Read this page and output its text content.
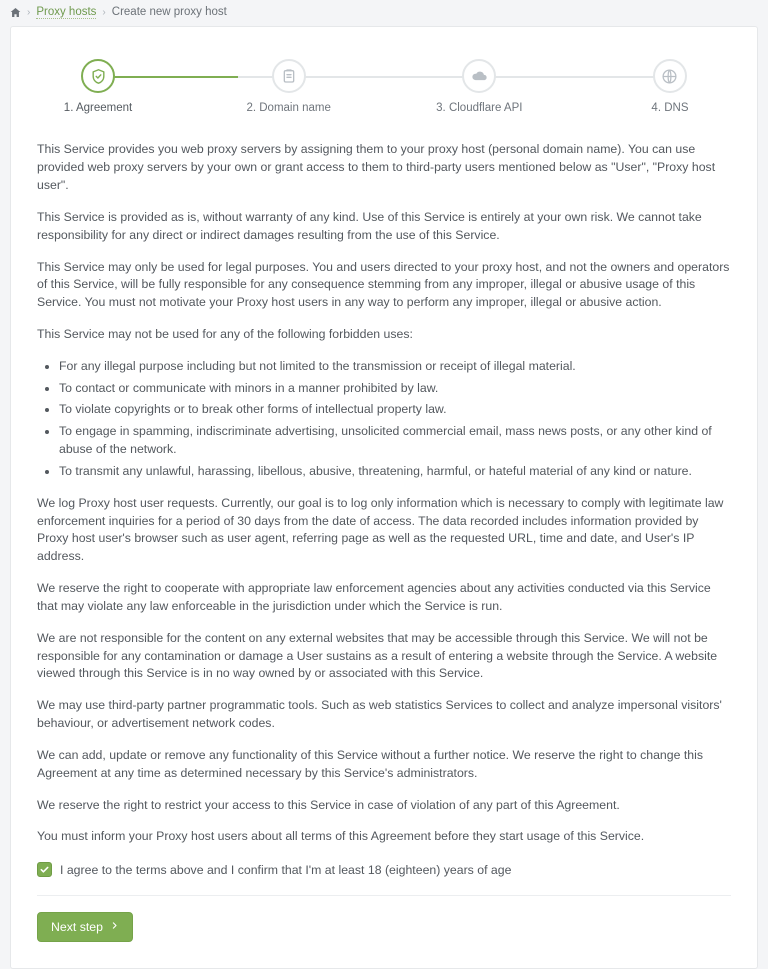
› Proxy hosts › Create new proxy host
1. Agreement	2. Domain name	3. Cloudflare API	4. DNS

This Service provides you web proxy servers by assigning them to your proxy host (personal domain name). You can use provided web proxy servers by your own or grant access to them to third-party users mentioned below as "User", "Proxy host user".

This Service is provided as is, without warranty of any kind. Use of this Service is entirely at your own risk. We cannot take responsibility for any direct or indirect damages resulting from the use of this Service.

This Service may only be used for legal purposes. You and users directed to your proxy host, and not the owners and operators of this Service, will be fully responsible for any consequence stemming from any improper, illegal or abusive usage of this Service. You must not motivate your Proxy host users in any way to perform any improper, illegal or abusive action.

This Service may not be used for any of the following forbidden uses:

• For any illegal purpose including but not limited to the transmission or receipt of illegal material.
• To contact or communicate with minors in a manner prohibited by law.
• To violate copyrights or to break other forms of intellectual property law.
• To engage in spamming, indiscriminate advertising, unsolicited commercial email, mass news posts, or any other kind of abuse of the network.
• To transmit any unlawful, harassing, libellous, abusive, threatening, harmful, or hateful material of any kind or nature.

We log Proxy host user requests. Currently, our goal is to log only information which is necessary to comply with legitimate law enforcement inquiries for a period of 30 days from the date of access. The data recorded includes information provided by Proxy host user's browser such as user agent, referring page as well as the requested URL, time and date, and User's IP address.

We reserve the right to cooperate with appropriate law enforcement agencies about any activities conducted via this Service that may violate any law enforceable in the jurisdiction under which the Service is run.

We are not responsible for the content on any external websites that may be accessible through this Service. We will not be responsible for any contamination or damage a User sustains as a result of entering a website through the Service. A website viewed through this Service is in no way owned by or associated with this Service.

We may use third-party partner programmatic tools. Such as web statistics Services to collect and analyze impersonal visitors' behaviour, or advertisement network codes.

We can add, update or remove any functionality of this Service without a further notice. We reserve the right to change this Agreement at any time as determined necessary by this Service's administrators.

We reserve the right to restrict your access to this Service in case of violation of any part of this Agreement.

You must inform your Proxy host users about all terms of this Agreement before they start usage of this Service.

I agree to the terms above and I confirm that I'm at least 18 (eighteen) years of age
Next step
